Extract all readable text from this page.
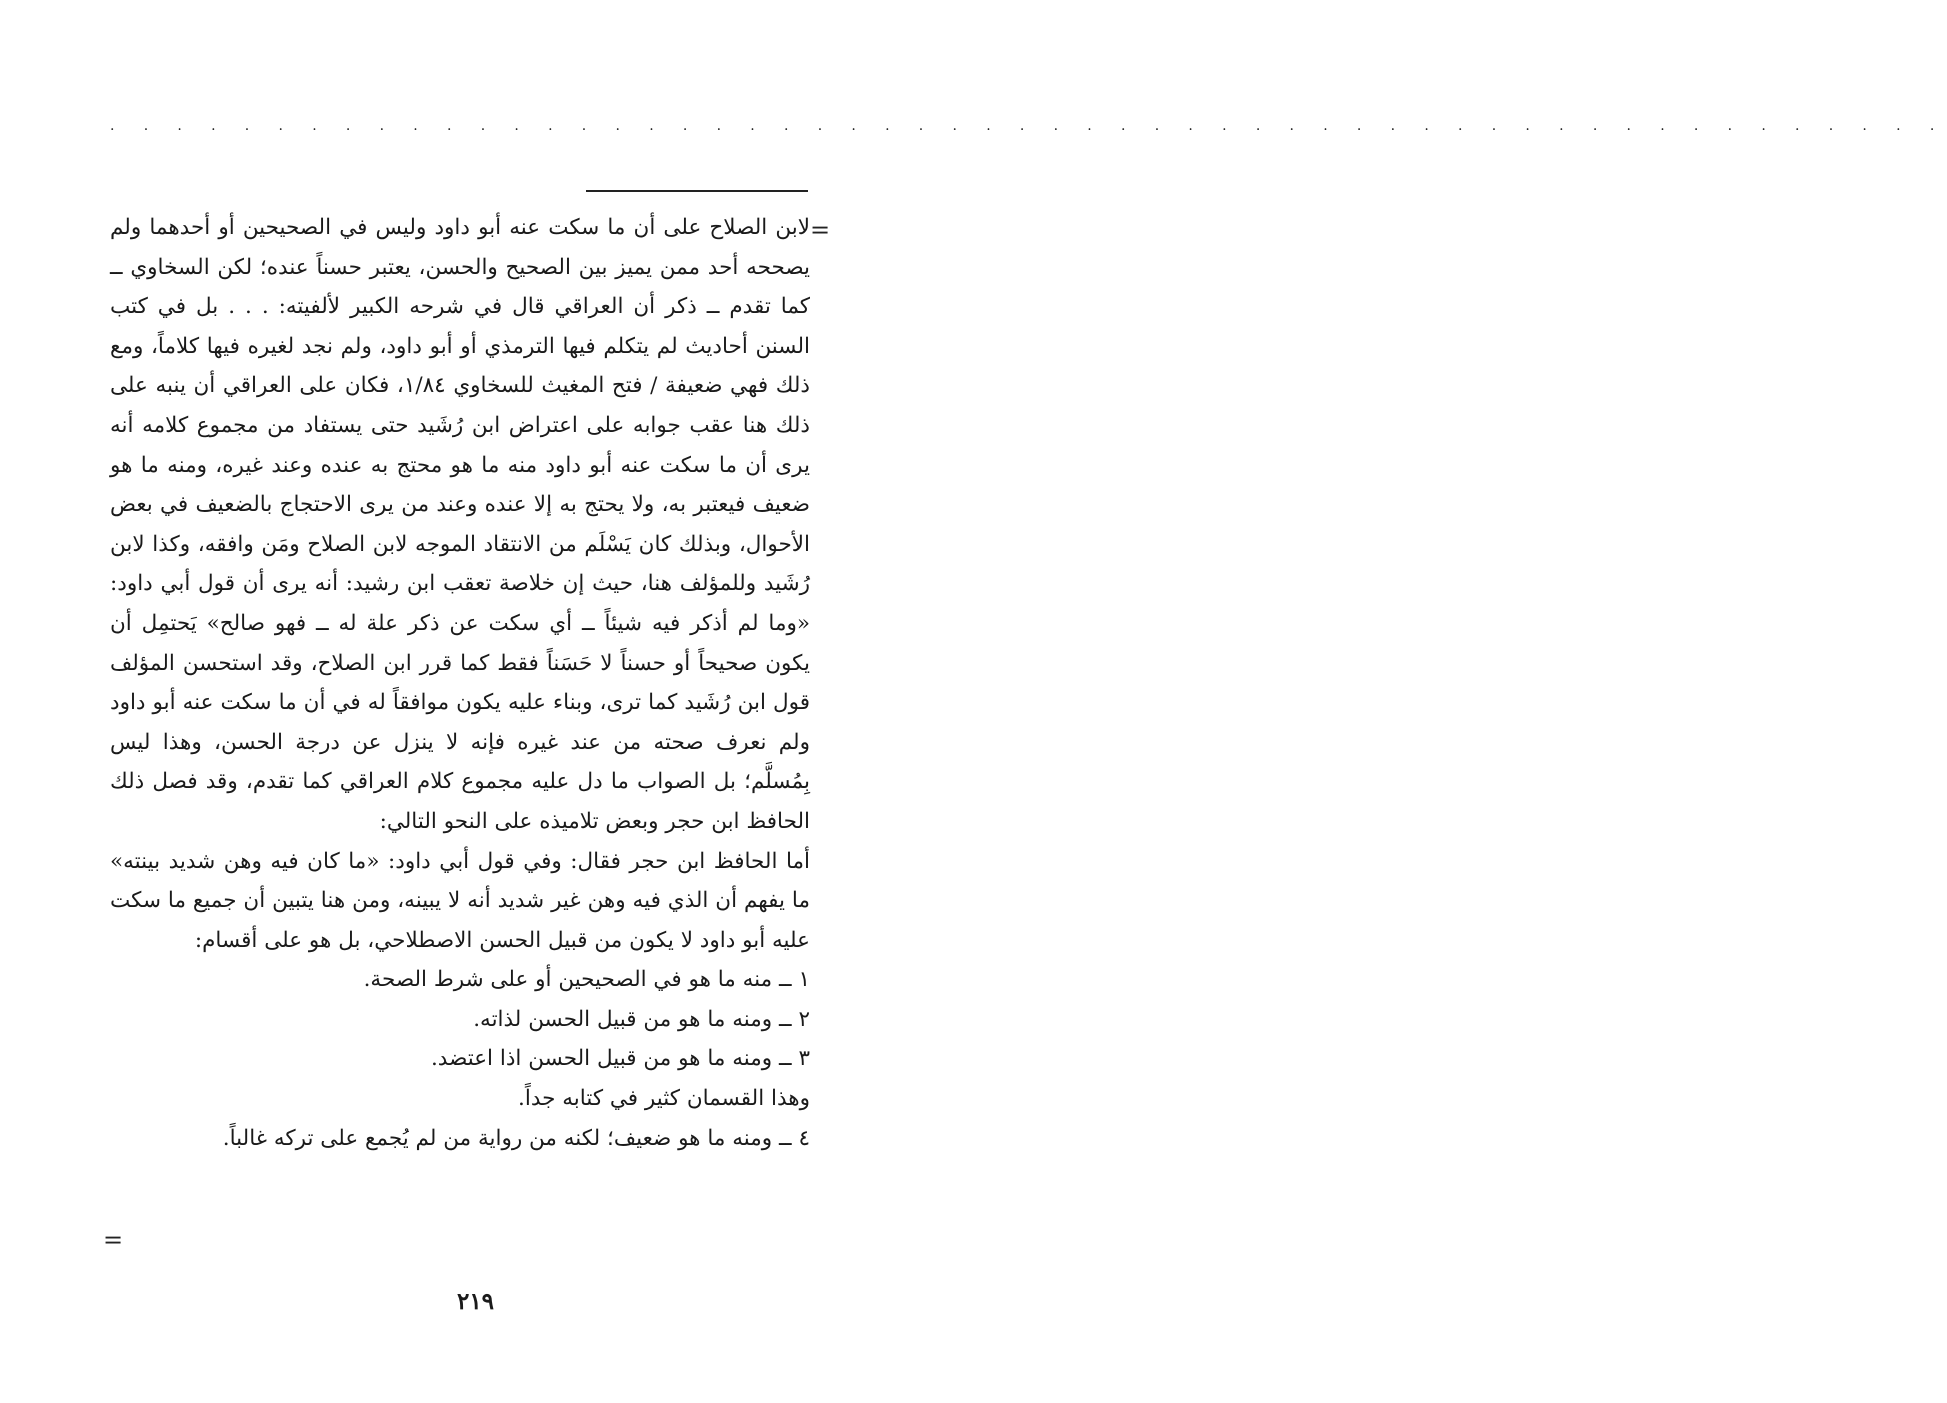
. . . . . . . . . . . . . . . . . . . . . . . . . . . . . . . . . . . . . . . . . . . . . . . . . . . . . . .
=

لابن الصلاح على أن ما سكت عنه أبو داود وليس في الصحيحين أو أحدهما ولم يصححه أحد ممن يميز بين الصحيح والحسن، يعتبر حسناً عنده؛ لكن السخاوي ــ كما تقدم ــ ذكر أن العراقي قال في شرحه الكبير لألفيته: . . . بل في كتب السنن أحاديث لم يتكلم فيها الترمذي أو أبو داود، ولم نجد لغيره فيها كلاماً، ومع ذلك فهي ضعيفة / فتح المغيث للسخاوي ١/٨٤، فكان على العراقي أن ينبه على ذلك هنا عقب جوابه على اعتراض ابن رُشَيد حتى يستفاد من مجموع كلامه أنه يرى أن ما سكت عنه أبو داود منه ما هو محتج به عنده وعند غيره، ومنه ما هو ضعيف فيعتبر به، ولا يحتج به إلا عنده وعند من يرى الاحتجاج بالضعيف في بعض الأحوال، وبذلك كان يَسْلَم من الانتقاد الموجه لابن الصلاح ومَن وافقه، وكذا لابن رُشَيد وللمؤلف هنا، حيث إن خلاصة تعقب ابن رشيد: أنه يرى أن قول أبي داود: «وما لم أذكر فيه شيئاً ــ أي سكت عن ذكر علة له ــ فهو صالح» يَحتمِل أن يكون صحيحاً أو حسناً لا حَسَناً فقط كما قرر ابن الصلاح، وقد استحسن المؤلف قول ابن رُشَيد كما ترى، وبناء عليه يكون موافقاً له في أن ما سكت عنه أبو داود ولم نعرف صحته من عند غيره فإنه لا ينزل عن درجة الحسن، وهذا ليس بِمُسلَّم؛ بل الصواب ما دل عليه مجموع كلام العراقي كما تقدم، وقد فصل ذلك الحافظ ابن حجر وبعض تلاميذه على النحو التالي:

أما الحافظ ابن حجر فقال: وفي قول أبي داود: «ما كان فيه وهن شديد بينته» ما يفهم أن الذي فيه وهن غير شديد أنه لا يبينه، ومن هنا يتبين أن جميع ما سكت عليه أبو داود لا يكون من قبيل الحسن الاصطلاحي، بل هو على أقسام:

١ ــ منه ما هو في الصحيحين أو على شرط الصحة.
٢ ــ ومنه ما هو من قبيل الحسن لذاته.
٣ ــ ومنه ما هو من قبيل الحسن اذا اعتضد.
وهذا القسمان كثير في كتابه جداً.
٤ ــ ومنه ما هو ضعيف؛ لكنه من رواية من لم يُجمع على تركه غالباً.
=
٢١٩
